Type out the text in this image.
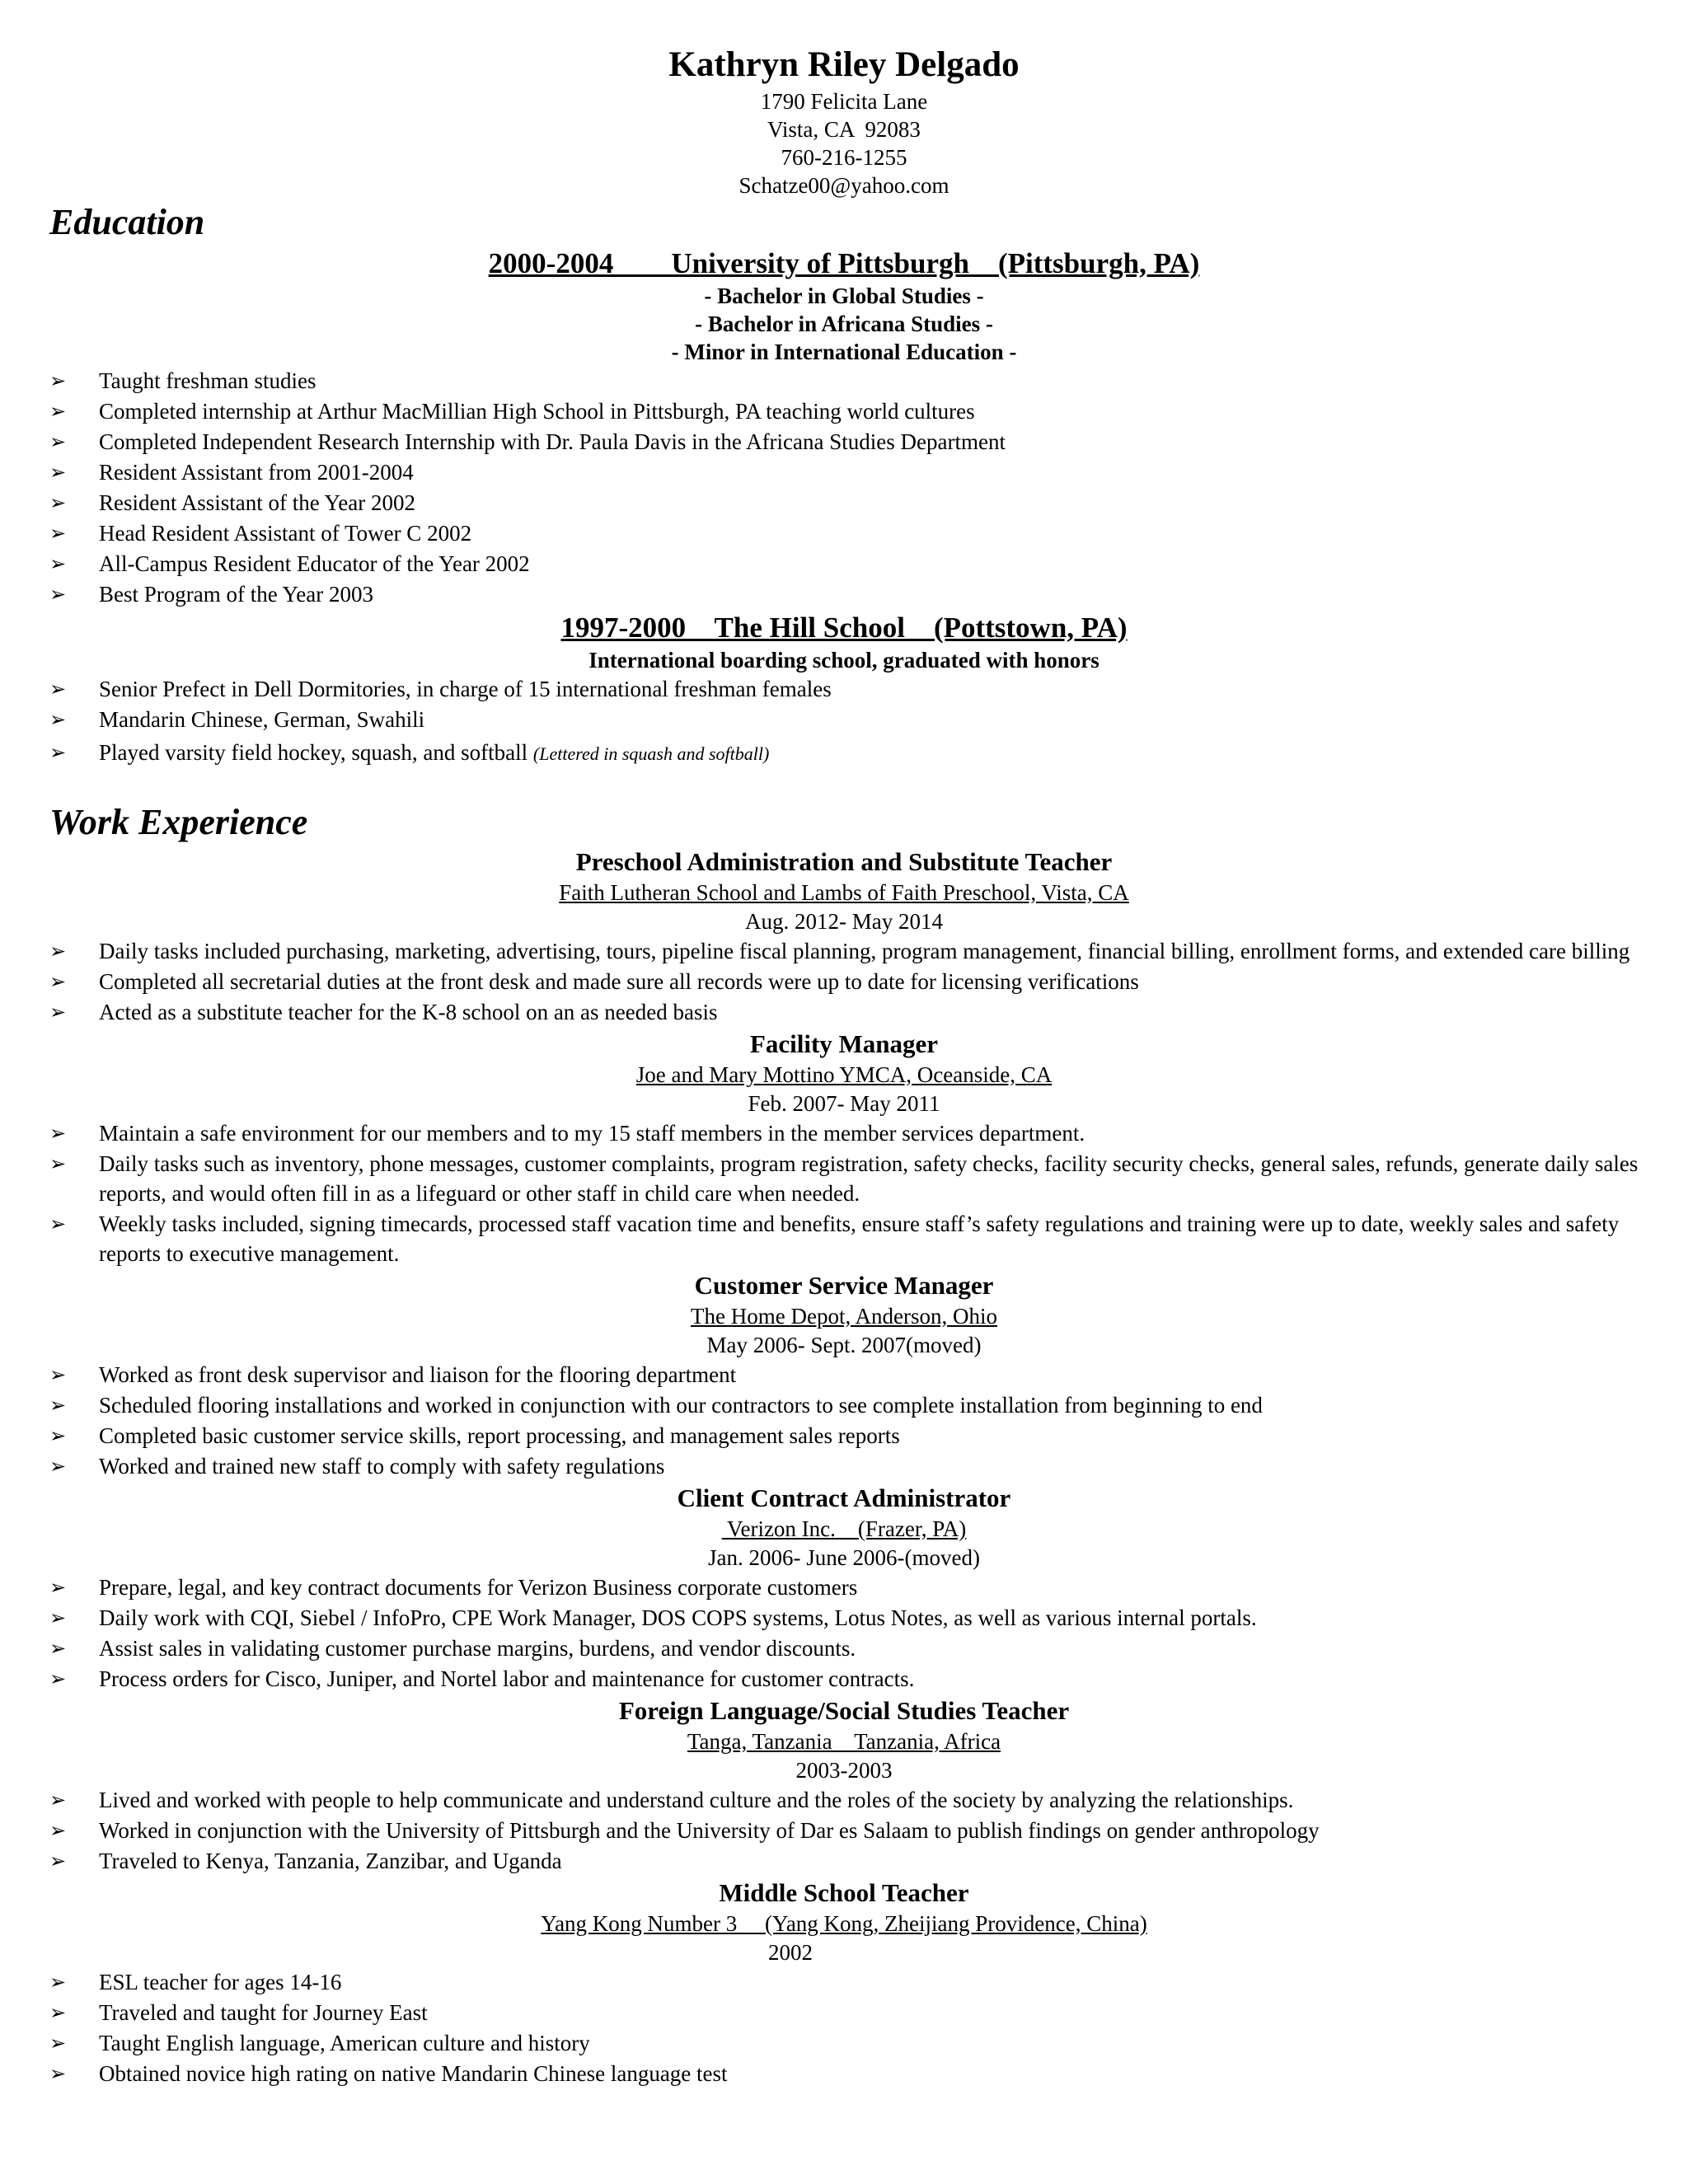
Kathryn Riley Delgado
1790 Felicita Lane
Vista, CA  92083
760-216-1255
Schatze00@yahoo.com
Education
2000-2004        University of Pittsburgh    (Pittsburgh, PA)
- Bachelor in Global Studies -
- Bachelor in Africana Studies -
- Minor in International Education -
➢ Taught freshman studies
➢ Completed internship at Arthur MacMillian High School in Pittsburgh, PA teaching world cultures
➢ Completed Independent Research Internship with Dr. Paula Davis in the Africana Studies Department
➢ Resident Assistant from 2001-2004
➢ Resident Assistant of the Year 2002
➢ Head Resident Assistant of Tower C 2002
➢ All-Campus Resident Educator of the Year 2002
➢ Best Program of the Year 2003
1997-2000    The Hill School    (Pottstown, PA)
International boarding school, graduated with honors
➢ Senior Prefect in Dell Dormitories, in charge of 15 international freshman females
➢ Mandarin Chinese, German, Swahili
➢ Played varsity field hockey, squash, and softball (Lettered in squash and softball)
Work Experience
Preschool Administration and Substitute Teacher
Faith Lutheran School and Lambs of Faith Preschool, Vista, CA
Aug. 2012- May 2014
➢ Daily tasks included purchasing, marketing, advertising, tours, pipeline fiscal planning, program management, financial billing, enrollment forms, and extended care billing
➢ Completed all secretarial duties at the front desk and made sure all records were up to date for licensing verifications
➢ Acted as a substitute teacher for the K-8 school on an as needed basis
Facility Manager
Joe and Mary Mottino YMCA, Oceanside, CA
Feb. 2007- May 2011
➢ Maintain a safe environment for our members and to my 15 staff members in the member services department.
➢ Daily tasks such as inventory, phone messages, customer complaints, program registration, safety checks, facility security checks, general sales, refunds, generate daily sales reports, and would often fill in as a lifeguard or other staff in child care when needed.
➢ Weekly tasks included, signing timecards, processed staff vacation time and benefits, ensure staff’s safety regulations and training were up to date, weekly sales and safety reports to executive management.
Customer Service Manager
The Home Depot, Anderson, Ohio
May 2006- Sept. 2007(moved)
➢ Worked as front desk supervisor and liaison for the flooring department
➢ Scheduled flooring installations and worked in conjunction with our contractors to see complete installation from beginning to end
➢ Completed basic customer service skills, report processing, and management sales reports
➢ Worked and trained new staff to comply with safety regulations
Client Contract Administrator
Verizon Inc.    (Frazer, PA)
Jan. 2006- June 2006-(moved)
➢ Prepare, legal, and key contract documents for Verizon Business corporate customers
➢ Daily work with CQI, Siebel / InfoPro, CPE Work Manager, DOS COPS systems, Lotus Notes, as well as various internal portals.
➢ Assist sales in validating customer purchase margins, burdens, and vendor discounts.
➢ Process orders for Cisco, Juniper, and Nortel labor and maintenance for customer contracts.
Foreign Language/Social Studies Teacher
Tanga, Tanzania    Tanzania, Africa
2003-2003
➢ Lived and worked with people to help communicate and understand culture and the roles of the society by analyzing the relationships.
➢ Worked in conjunction with the University of Pittsburgh and the University of Dar es Salaam to publish findings on gender anthropology
➢ Traveled to Kenya, Tanzania, Zanzibar, and Uganda
Middle School Teacher
Yang Kong Number 3     (Yang Kong, Zheijiang Providence, China)
2002
➢ ESL teacher for ages 14-16
➢ Traveled and taught for Journey East
➢ Taught English language, American culture and history
➢ Obtained novice high rating on native Mandarin Chinese language test
